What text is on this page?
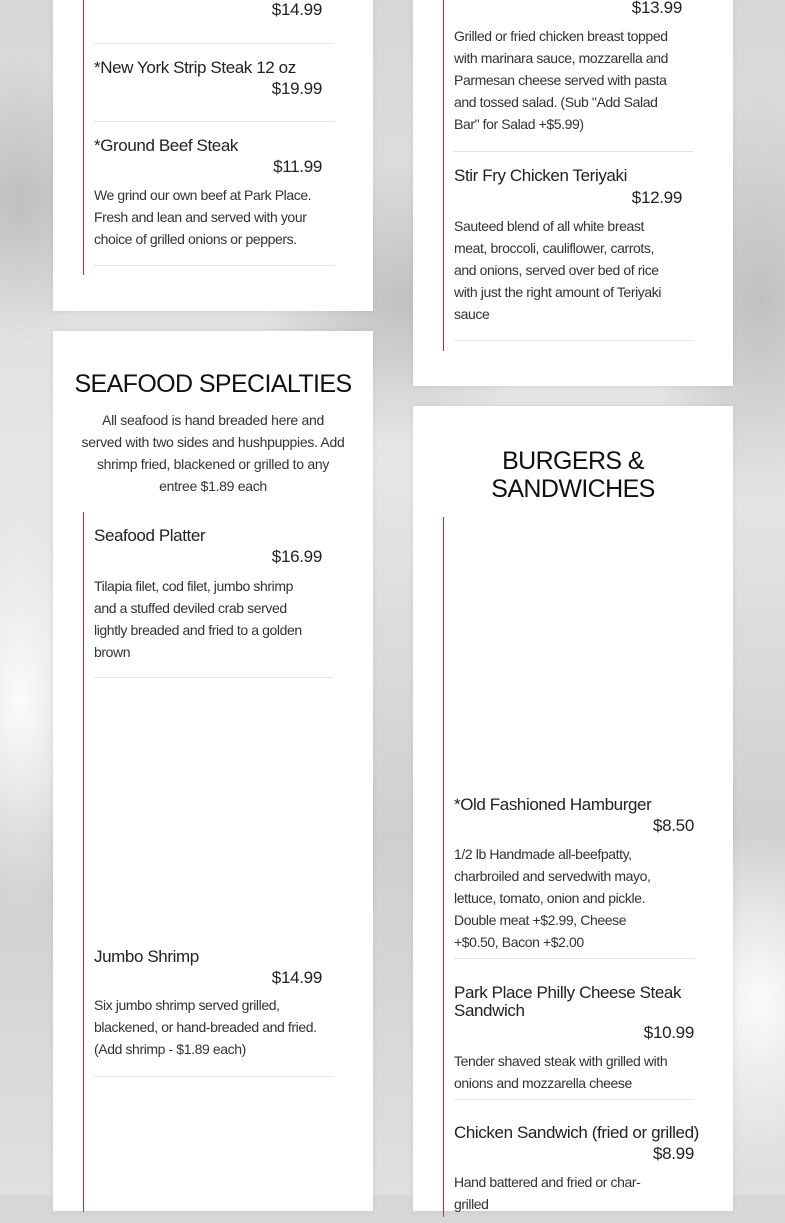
$14.99
*New York Strip Steak 12 oz
$19.99
*Ground Beef Steak
$11.99
We grind our own beef at Park Place. Fresh and lean and served with your choice of grilled onions or peppers.
SEAFOOD SPECIALTIES
All seafood is hand breaded here and served with two sides and hushpuppies. Add shrimp fried, blackened or grilled to any entree $1.89 each
Seafood Platter
$16.99
Tilapia filet, cod filet, jumbo shrimp and a stuffed deviled crab served lightly breaded and fried to a golden brown
Jumbo Shrimp
$14.99
Six jumbo shrimp served grilled, blackened, or hand-breaded and fried. (Add shrimp - $1.89 each)
$13.99
Grilled or fried chicken breast topped with marinara sauce, mozzarella and Parmesan cheese served with pasta and tossed salad. (Sub "Add Salad Bar" for Salad +$5.99)
Stir Fry Chicken Teriyaki
$12.99
Sauteed blend of all white breast meat, broccoli, cauliflower, carrots, and onions, served over bed of rice with just the right amount of Teriyaki sauce
BURGERS &
SANDWICHES
*Old Fashioned Hamburger
$8.50
1/2 lb Handmade all-beefpatty, charbroiled and servedwith mayo, lettuce, tomato, onion and pickle. Double meat +$2.99, Cheese +$0.50, Bacon +$2.00
Park Place Philly Cheese Steak
Sandwich
$10.99
Tender shaved steak with grilled with onions and mozzarella cheese
Chicken Sandwich (fried or grilled)
$8.99
Hand battered and fried or char-grilled
